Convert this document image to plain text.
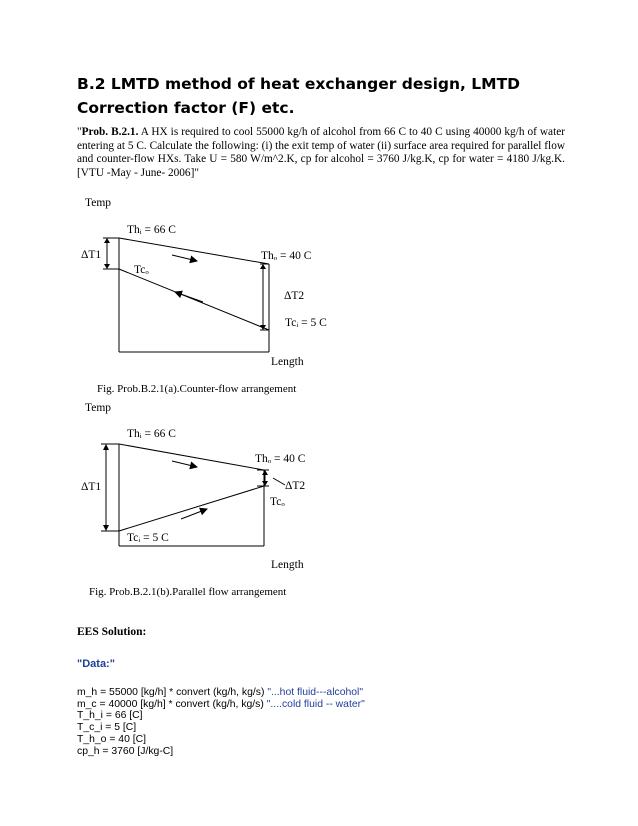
B.2 LMTD method of heat exchanger design, LMTD Correction factor (F) etc.

"Prob. B.2.1. A HX is required to cool 55000 kg/h of alcohol from 66 C to 40 C using 40000 kg/h of water entering at 5 C. Calculate the following: (i) the exit temp of water (ii) surface area required for parallel flow and counter-flow HXs. Take U = 580 W/m^2.K, cp for alcohol = 3760 J/kg.K, cp for water = 4180 J/kg.K. [VTU -May - June- 2006]"

Temp
ΔT1
ΔT2
Thᵢ = 66 C
Thₒ = 40 C
Tcₒ
Tcᵢ = 5 C
Length

Fig. Prob.B.2.1(a).Counter-flow arrangement

Temp
ΔT1	ΔT2
Thᵢ = 66 C
Thₒ = 40 C
Tcₒ
Tcᵢ = 5 C
Length

Fig. Prob.B.2.1(b).Parallel flow arrangement

EES Solution:

"Data:"

m_h = 55000 [kg/h] * convert (kg/h, kg/s) "...hot fluid---alcohol"
m_c = 40000 [kg/h] * convert (kg/h, kg/s) "....cold fluid -- water"
T_h_i = 66 [C]
T_c_i = 5 [C]
T_h_o = 40 [C]
cp_h = 3760 [J/kg-C]
